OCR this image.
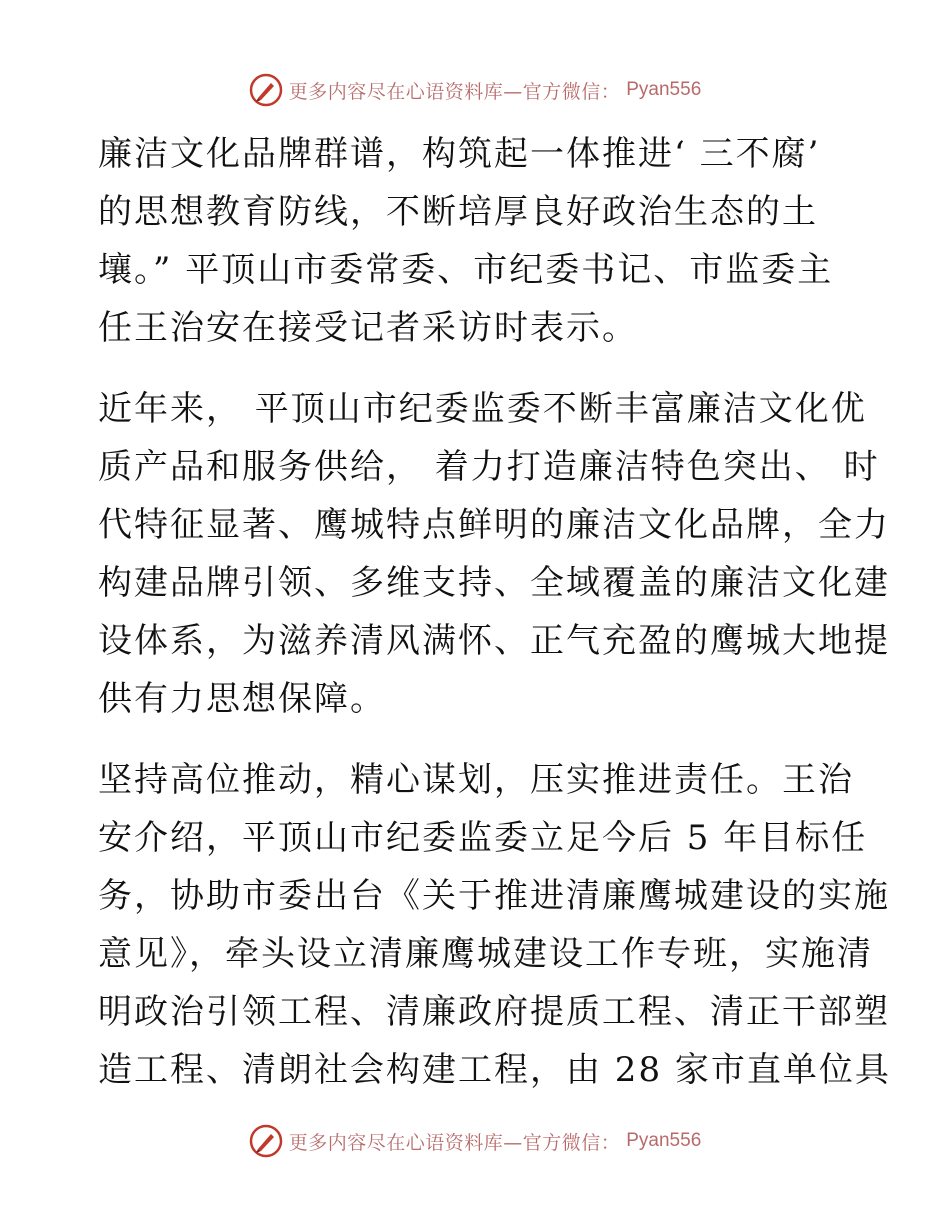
更多内容尽在心语资料库—官方微信： Pyan556
廉洁文化品牌群谱，构筑起一体推进‘ 三不腐’
的思想教育防线，不断培厚良好政治生态的土
壤。” 平顶山市委常委、市纪委书记、市监委主
任王治安在接受记者采访时表示。
近年来， 平顶山市纪委监委不断丰富廉洁文化优
质产品和服务供给， 着力打造廉洁特色突出、 时
代特征显著、鹰城特点鲜明的廉洁文化品牌，全力
构建品牌引领、多维支持、全域覆盖的廉洁文化建
设体系，为滋养清风满怀、正气充盈的鹰城大地提
供有力思想保障。
坚持高位推动，精心谋划，压实推进责任。王治
安介绍，平顶山市纪委监委立足今后 5 年目标任
务，协助市委出台《关于推进清廉鹰城建设的实施
意见》，牵头设立清廉鹰城建设工作专班，实施清
明政治引领工程、清廉政府提质工程、清正干部塑
造工程、清朗社会构建工程，由 28 家市直单位具
更多内容尽在心语资料库—官方微信： Pyan556
